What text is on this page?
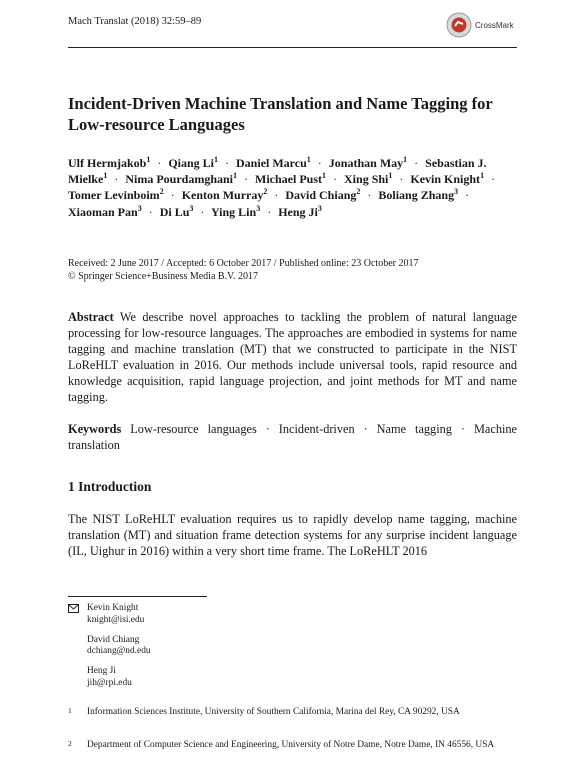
Mach Translat (2018) 32:59–89	CrossMark
Incident-Driven Machine Translation and Name Tagging for Low-resource Languages
Ulf Hermjakob$^1$ · Qiang $Li^1$ · Daniel Marcu$^1$ · Jonathan May$^1$ · Sebastian J. Mielke$^1$ · Nima Pourdamghani$^1$ · Michael Pust$^1$ · Xing Shi$^1$ · Kevin Knight$^1$ · Tomer Levinboim$^2$ · Kenton Murray$^2$ · David Chiang$^2$ · Boliang Zhang$^3$ · Xiaoman Pan$^3$ · Di $Lu^3$ · Ying Lin$^3$ · Heng Ji$^3$
Received: 2 June 2017 / Accepted: 6 October 2017 / Published online: 23 October 2017
© Springer Science+Business Media B.V. 2017
Abstract We describe novel approaches to tackling the problem of natural language processing for low-resource languages. The approaches are embodied in systems for name tagging and machine translation (MT) that we constructed to participate in the NIST LoReHLT evaluation in 2016. Our methods include universal tools, rapid resource and knowledge acquisition, rapid language projection, and joint methods for MT and name tagging.
Keywords Low-resource languages · Incident-driven · Name tagging · Machine translation
1 Introduction
The NIST LoReHLT evaluation requires us to rapidly develop name tagging, machine translation (MT) and situation frame detection systems for any surprise incident language (IL, Uighur in 2016) within a very short time frame. The LoReHLT 2016
Kevin Knight
knight@isi.edu
David Chiang
dchiang@nd.edu
Heng Ji
jih@rpi.edu
1 Information Sciences Institute, University of Southern California, Marina del Rey, CA 90292, USA
2 Department of Computer Science and Engineering, University of Notre Dame, Notre Dame, IN 46556, USA
